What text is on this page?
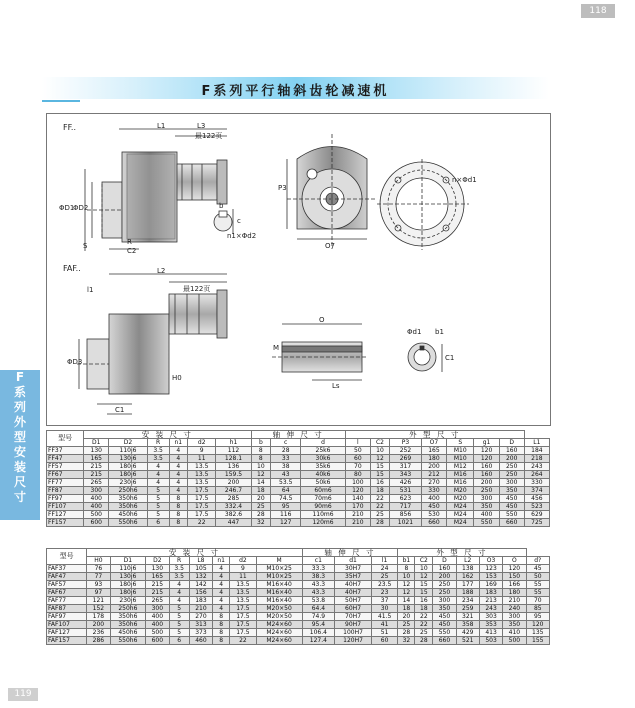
118
F系列平行轴斜齿轮减速机
F
系
列
外
型
安
装
尺
寸
FF..
FAF..
L1	L3
最122页
ΦD1
ΦD2
S	R
C2
c
b
n1×Φd2
P3
O7
n×Φd1
L2
最122页
l1
ΦD3
H0
C1
O
M
Ls
Φd1
C1
b1
型号	安 装 尺 寸						轴 伸 尺 寸			外 型 尺 寸							
	D1	D2	R	n1	d2	h1	b	c	d	l	C2	P3	O7	S	g1	D	L1
FF37	130	110j6	3.5	4	9	112	8	28	25k6	50	10	252	165	M10	120	160	184
FF47	165	130j6	3.5	4	11	128.1	8	33	30k6	60	12	269	180	M10	120	200	218
FF57	215	180j6	4	4	13.5	136	10	38	35k6	70	15	317	200	M12	160	250	243
FF67	215	180j6	4	4	13.5	159.5	12	43	40k6	80	15	343	212	M16	160	250	264
FF77	265	230j6	4	4	13.5	200	14	53.5	50k6	100	16	426	270	M16	200	300	330
FF87	300	250h6	5	4	17.5	246.7	18	64	60m6	120	18	531	330	M20	250	350	374
FF97	400	350h6	5	8	17.5	285	20	74.5	70m6	140	22	623	400	M20	300	450	456
FF107	400	350h6	5	8	17.5	332.4	25	95	90m6	170	22	717	450	M24	350	450	523
FF127	500	450h6	5	8	17.5	382.6	28	116	110m6	210	25	856	530	M24	400	550	629
FF157	600	550h6	6	8	22	447	32	127	120m6	210	28	1021	660	M24	550	660	725
型号	安 装 尺 寸								轴 伸 尺 寸			外 型 尺 寸						
	H0	D1	D2	R	L8	n1	d2	M	c1	d1	l1	b1	C2	D	L2	O3	O	d?
FAF37	76	110j6	130	3.5	105	4	9	M10×25	33.3	30H7	24	8	10	160	138	123	120	45
FAF47	77	130j6	165	3.5	132	4	11	M10×25	38.3	35H7	25	10	12	200	162	153	150	50
FAF57	93	180j6	215	4	142	4	13.5	M16×40	43.3	40H7	23.5	12	15	250	177	169	166	55
FAF67	97	180j6	215	4	156	4	13.5	M16×40	43.3	40H7	23	12	15	250	188	183	180	55
FAF77	121	230j6	265	4	183	4	13.5	M16×40	53.8	50H7	37	14	16	300	234	213	210	70
FAF87	152	250h6	300	5	210	4	17.5	M20×50	64.4	60H7	30	18	18	350	259	243	240	85
FAF97	178	350h6	400	5	270	8	17.5	M20×50	74.9	70H7	41.5	20	22	450	321	303	300	95
FAF107	200	350h6	400	5	313	8	17.5	M24×60	95.4	90H7	41	25	22	450	358	353	350	120
FAF127	236	450h6	500	5	373	8	17.5	M24×60	106.4	100H7	51	28	25	550	429	413	410	135
FAF157	286	550h6	600	6	460	8	22	M24×60	127.4	120H7	60	32	28	660	521	503	500	155
119
